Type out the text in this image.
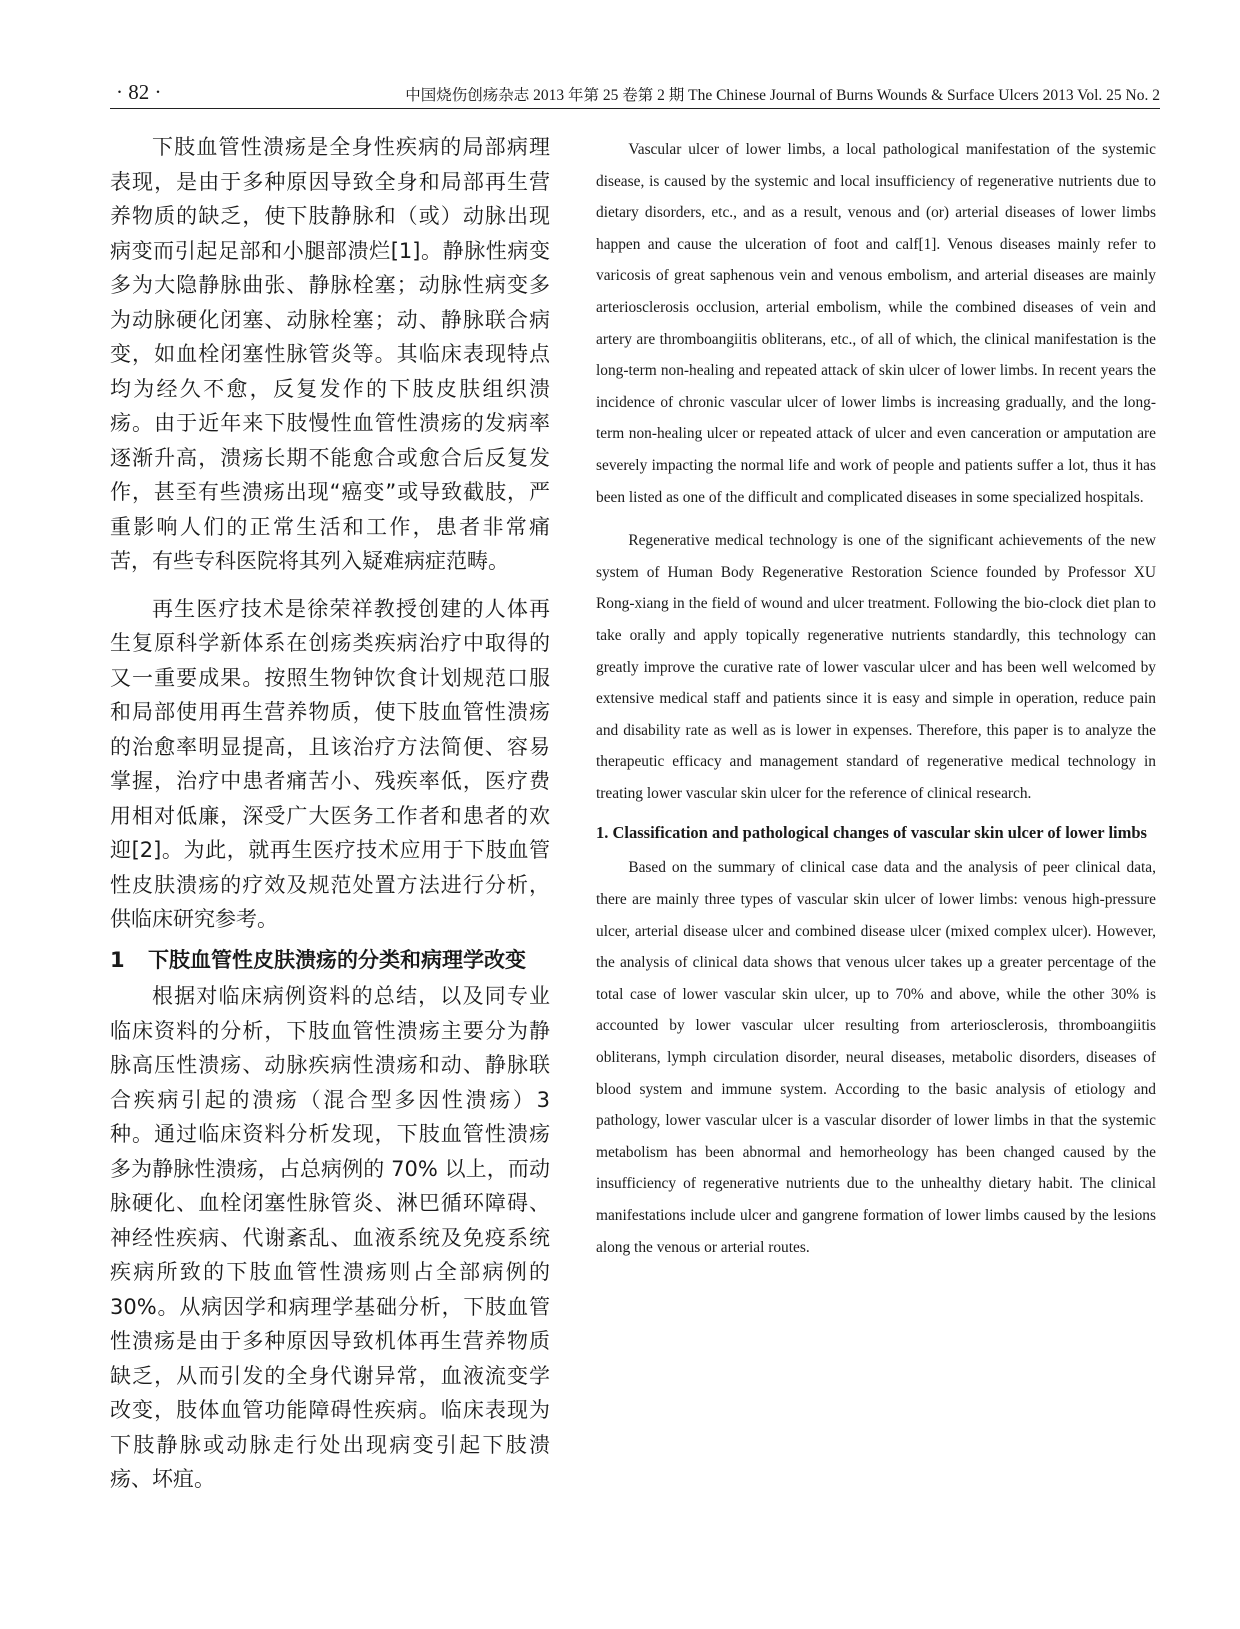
· 82 ·	中国烧伤创疡杂志 2013 年第 25 卷第 2 期 The Chinese Journal of Burns Wounds & Surface Ulcers 2013 Vol. 25 No. 2

下肢血管性溃疡是全身性疾病的局部病理表现，是由于多种原因导致全身和局部再生营养物质的缺乏，使下肢静脉和（或）动脉出现病变而引起足部和小腿部溃烂[1]。静脉性病变多为大隐静脉曲张、静脉栓塞；动脉性病变多为动脉硬化闭塞、动脉栓塞；动、静脉联合病变，如血栓闭塞性脉管炎等。其临床表现特点均为经久不愈，反复发作的下肢皮肤组织溃疡。由于近年来下肢慢性血管性溃疡的发病率逐渐升高，溃疡长期不能愈合或愈合后反复发作，甚至有些溃疡出现“癌变”或导致截肢，严重影响人们的正常生活和工作，患者非常痛苦，有些专科医院将其列入疑难病症范畴。

再生医疗技术是徐荣祥教授创建的人体再生复原科学新体系在创疡类疾病治疗中取得的又一重要成果。按照生物钟饮食计划规范口服和局部使用再生营养物质，使下肢血管性溃疡的治愈率明显提高，且该治疗方法简便、容易掌握，治疗中患者痛苦小、残疾率低，医疗费用相对低廉，深受广大医务工作者和患者的欢迎[2]。为此，就再生医疗技术应用于下肢血管性皮肤溃疡的疗效及规范处置方法进行分析，供临床研究参考。

1 下肢血管性皮肤溃疡的分类和病理学改变

根据对临床病例资料的总结，以及同专业临床资料的分析，下肢血管性溃疡主要分为静脉高压性溃疡、动脉疾病性溃疡和动、静脉联合疾病引起的溃疡（混合型多因性溃疡）3 种。通过临床资料分析发现，下肢血管性溃疡多为静脉性溃疡，占总病例的 70% 以上，而动脉硬化、血栓闭塞性脉管炎、淋巴循环障碍、神经性疾病、代谢紊乱、血液系统及免疫系统疾病所致的下肢血管性溃疡则占全部病例的 30%。从病因学和病理学基础分析，下肢血管性溃疡是由于多种原因导致机体再生营养物质缺乏，从而引发的全身代谢异常，血液流变学改变，肢体血管功能障碍性疾病。临床表现为下肢静脉或动脉走行处出现病变引起下肢溃疡、坏疽。

Vascular ulcer of lower limbs, a local pathological manifestation of the systemic disease, is caused by the systemic and local insufficiency of regenerative nutrients due to dietary disorders, etc., and as a result, venous and (or) arterial diseases of lower limbs happen and cause the ulceration of foot and calf[1]. Venous diseases mainly refer to varicosis of great saphenous vein and venous embolism, and arterial diseases are mainly arteriosclerosis occlusion, arterial embolism, while the combined diseases of vein and artery are thromboangiitis obliterans, etc., of all of which, the clinical manifestation is the long-term non-healing and repeated attack of skin ulcer of lower limbs. In recent years the incidence of chronic vascular ulcer of lower limbs is increasing gradually, and the long-term non-healing ulcer or repeated attack of ulcer and even canceration or amputation are severely impacting the normal life and work of people and patients suffer a lot, thus it has been listed as one of the difficult and complicated diseases in some specialized hospitals.

Regenerative medical technology is one of the significant achievements of the new system of Human Body Regenerative Restoration Science founded by Professor XU Rong-xiang in the field of wound and ulcer treatment. Following the bio-clock diet plan to take orally and apply topically regenerative nutrients standardly, this technology can greatly improve the curative rate of lower vascular ulcer and has been well welcomed by extensive medical staff and patients since it is easy and simple in operation, reduce pain and disability rate as well as is lower in expenses. Therefore, this paper is to analyze the therapeutic efficacy and management standard of regenerative medical technology in treating lower vascular skin ulcer for the reference of clinical research.

1. Classification and pathological changes of vascular skin ulcer of lower limbs

Based on the summary of clinical case data and the analysis of peer clinical data, there are mainly three types of vascular skin ulcer of lower limbs: venous high-pressure ulcer, arterial disease ulcer and combined disease ulcer (mixed complex ulcer). However, the analysis of clinical data shows that venous ulcer takes up a greater percentage of the total case of lower vascular skin ulcer, up to 70% and above, while the other 30% is accounted by lower vascular ulcer resulting from arteriosclerosis, thromboangiitis obliterans, lymph circulation disorder, neural diseases, metabolic disorders, diseases of blood system and immune system. According to the basic analysis of etiology and pathology, lower vascular ulcer is a vascular disorder of lower limbs in that the systemic metabolism has been abnormal and hemorheology has been changed caused by the insufficiency of regenerative nutrients due to the unhealthy dietary habit. The clinical manifestations include ulcer and gangrene formation of lower limbs caused by the lesions along the venous or arterial routes.
